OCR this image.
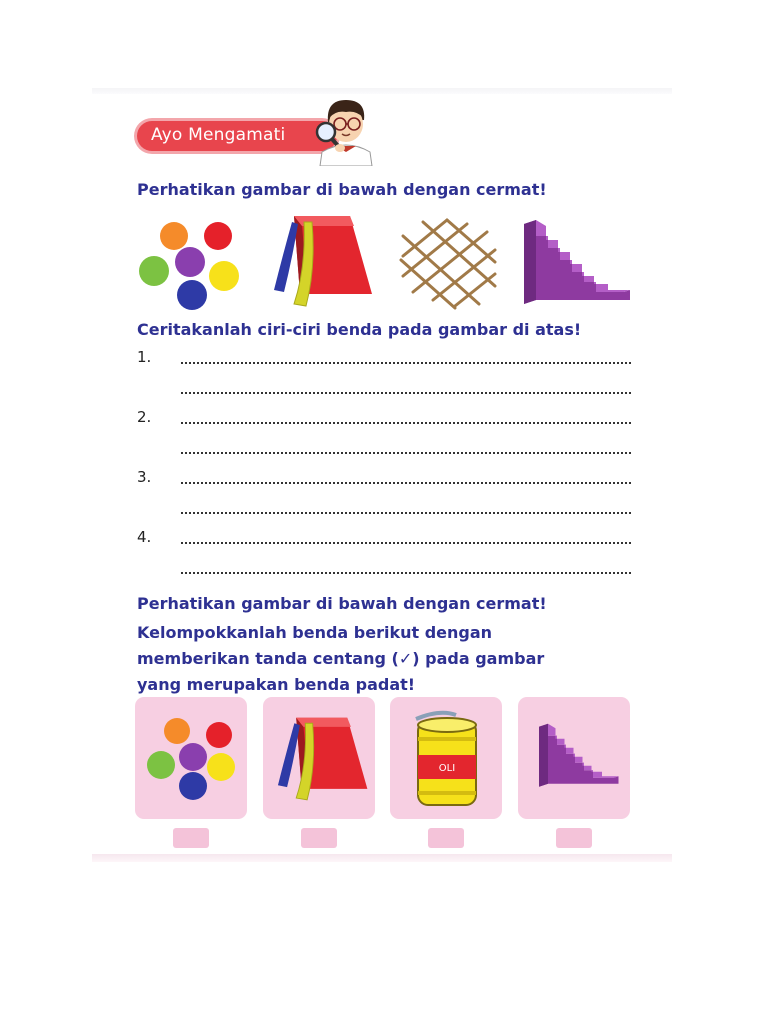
Ayo Mengamati
Perhatikan gambar di bawah dengan cermat!
Ceritakanlah ciri-ciri benda pada gambar di atas!
1.
2.
3.
4.
Perhatikan gambar di bawah dengan cermat!
Kelompokkanlah benda berikut dengan
memberikan tanda centang (✓) pada gambar
yang merupakan benda padat!
OLI
